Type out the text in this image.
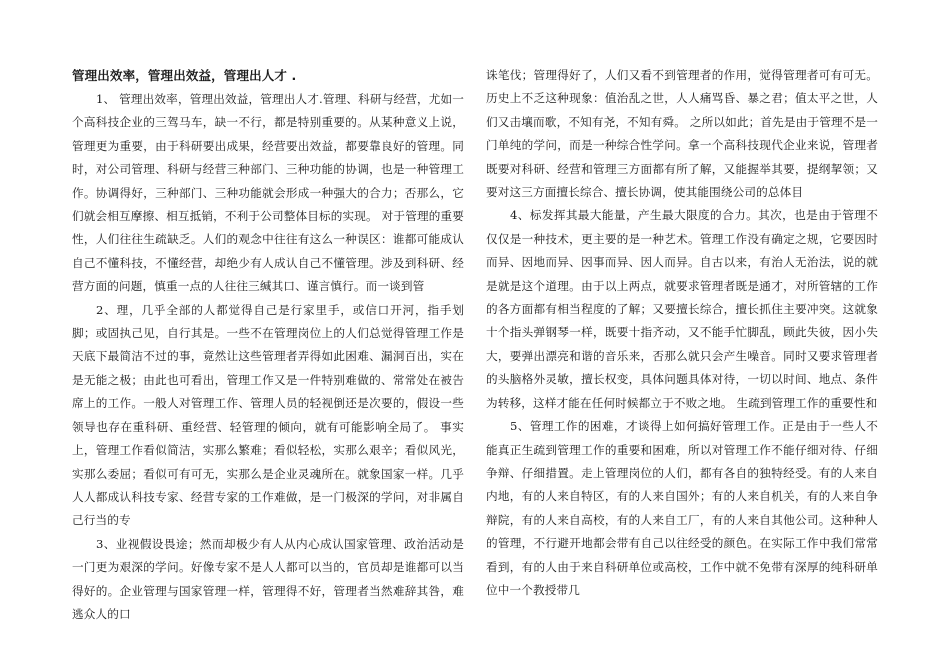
管理出效率，管理出效益，管理出人才 .

1、 管理出效率，管理出效益，管理出人才.管理、科研与经营，尤如一个高科技企业的三驾马车，缺一不行，都是特别重要的。从某种意义上说，管理更为重要，由于科研要出成果，经营要出效益，都要靠良好的管理。同时，对公司管理、科研与经营三种部门、三种功能的协调，也是一种管理工作。协调得好，三种部门、三种功能就会形成一种强大的合力；否那么，它们就会相互摩擦、相互抵销，不利于公司整体目标的实现。 对于管理的重要性，人们往往生疏缺乏。人们的观念中往往有这么一种误区：谁都可能成认自己不懂科技，不懂经营，却绝少有人成认自己不懂管理。涉及到科研、经营方面的问题，慎重一点的人往往三缄其口、谨言慎行。而一谈到管

2、理，几乎全部的人都觉得自己是行家里手，或信口开河，指手划脚；或固执己见，自行其是。一些不在管理岗位上的人们总觉得管理工作是天底下最简洁不过的事，竟然让这些管理者弄得如此困难、漏洞百出，实在是无能之极；由此也可看出，管理工作又是一件特别难做的、常常处在被告席上的工作。一般人对管理工作、管理人员的轻视倒还是次要的，假设一些领导也存在重科研、重经营、轻管理的倾向，就有可能影响全局了。 事实上，管理工作看似简洁，实那么繁难；看似轻松，实那么艰辛；看似风光，实那么委屈；看似可有可无，实那么是企业灵魂所在。就象国家一样。几乎人人都成认科技专家、经营专家的工作难做，是一门极深的学问，对非属自己行当的专

3、业视假设畏途；然而却极少有人从内心成认国家管理、政治活动是一门更为艰深的学问。好像专家不是人人都可以当的，官员却是谁都可以当得好的。企业管理与国家管理一样，管理得不好，管理者当然难辞其咎，难逃众人的口

诛笔伐；管理得好了，人们又看不到管理者的作用，觉得管理者可有可无。历史上不乏这种现象：值治乱之世，人人痛骂昏、暴之君；值太平之世，人们又击壤而歌，不知有尧，不知有舜。 之所以如此；首先是由于管理不是一门单纯的学问，而是一种综合性学问。拿一个高科技现代企业来说，管理者既要对科研、经营和管理三方面都有所了解，又能握举其要，提纲挈领；又要对这三方面擅长综合、擅长协调，使其能围绕公司的总体目

4、标发挥其最大能量，产生最大限度的合力。其次，也是由于管理不仅仅是一种技术，更主要的是一种艺术。管理工作没有确定之规，它要因时而异、因地而异、因事而异、因人而异。自古以来，有治人无治法，说的就是就是这个道理。由于以上两点，就要求管理者既是通才，对所管辖的工作的各方面都有相当程度的了解；又要擅长综合，擅长抓住主要冲突。这就象十个指头弹钢琴一样，既要十指齐动，又不能手忙脚乱，顾此失彼，因小失大，要弹出漂亮和谐的音乐来，否那么就只会产生噪音。同时又要求管理者的头脑格外灵敏，擅长权变，具体问题具体对待，一切以时间、地点、条件为转移，这样才能在任何时候都立于不败之地。 生疏到管理工作的重要性和

5、管理工作的困难，才谈得上如何搞好管理工作。正是由于一些人不能真正生疏到管理工作的重要和困难，所以对管理工作不能仔细对待、仔细争辩、仔细措置。走上管理岗位的人们，都有各自的独特经受。有的人来自内地，有的人来自特区，有的人来自国外；有的人来自机关，有的人来自争辩院，有的人来自高校，有的人来自工厂，有的人来自其他公司。这种种人的管理，不行避开地都会带有自己以往经受的颜色。在实际工作中我们常常看到，有的人由于来自科研单位或高校，工作中就不免带有深厚的纯科研单位中一个教授带几
